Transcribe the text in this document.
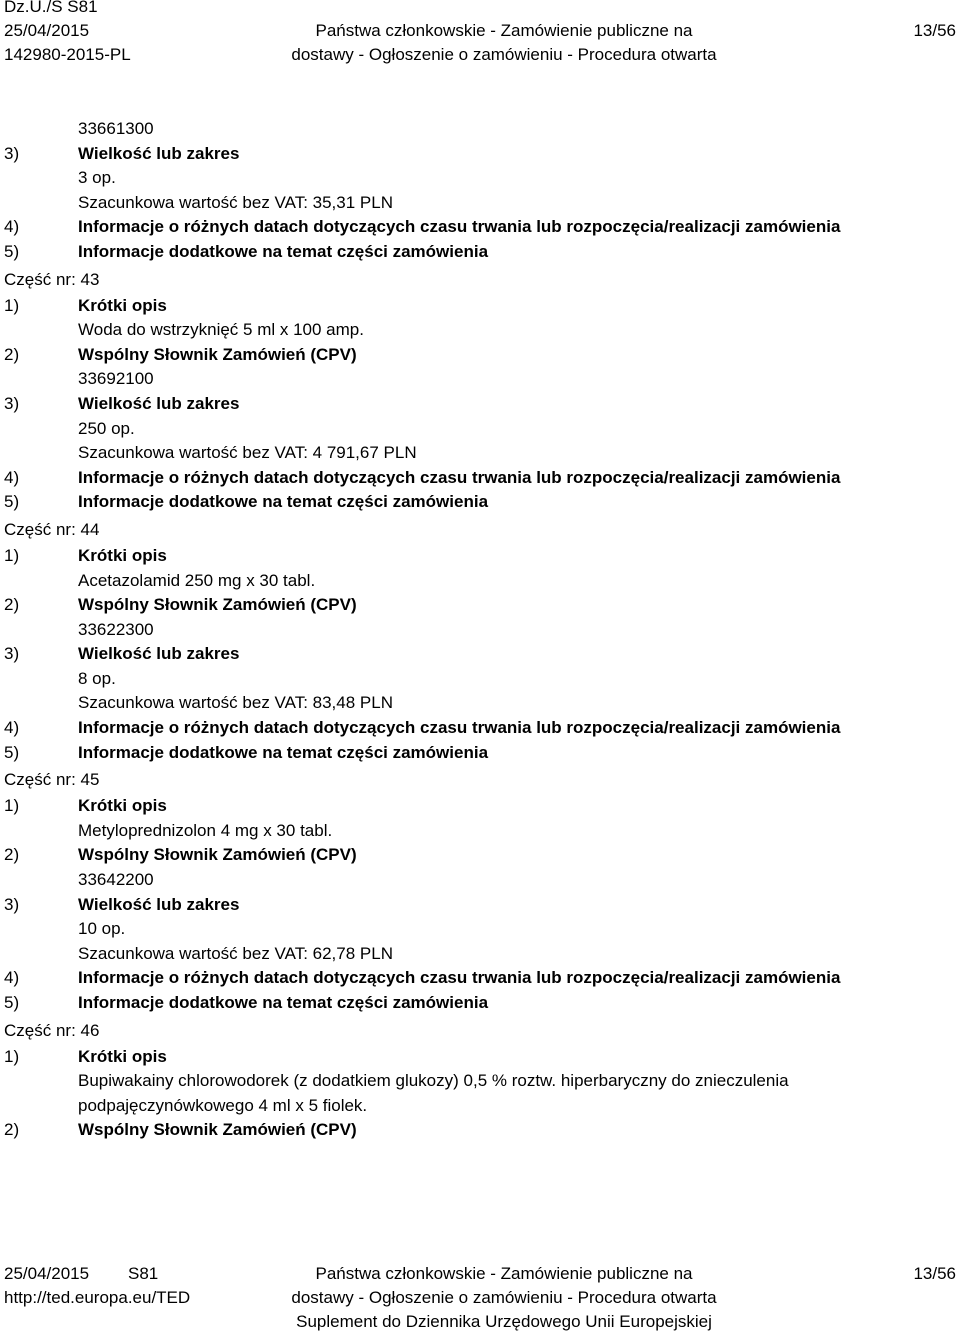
Dz.U./S S81
25/04/2015
142980-2015-PL
Państwa członkowskie - Zamówienie publiczne na
dostawy - Ogłoszenie o zamówieniu - Procedura otwarta
13/56
33661300
3)	Wielkość lub zakres
3 op.
Szacunkowa wartość bez VAT: 35,31 PLN
4)	Informacje o różnych datach dotyczących czasu trwania lub rozpoczęcia/realizacji zamówienia
5)	Informacje dodatkowe na temat części zamówienia
Część nr: 43
1)	Krótki opis
Woda do wstrzyknięć 5 ml x 100 amp.
2)	Wspólny Słownik Zamówień (CPV)
33692100
3)	Wielkość lub zakres
250 op.
Szacunkowa wartość bez VAT: 4 791,67 PLN
4)	Informacje o różnych datach dotyczących czasu trwania lub rozpoczęcia/realizacji zamówienia
5)	Informacje dodatkowe na temat części zamówienia
Część nr: 44
1)	Krótki opis
Acetazolamid 250 mg x 30 tabl.
2)	Wspólny Słownik Zamówień (CPV)
33622300
3)	Wielkość lub zakres
8 op.
Szacunkowa wartość bez VAT: 83,48 PLN
4)	Informacje o różnych datach dotyczących czasu trwania lub rozpoczęcia/realizacji zamówienia
5)	Informacje dodatkowe na temat części zamówienia
Część nr: 45
1)	Krótki opis
Metyloprednizolon 4 mg x 30 tabl.
2)	Wspólny Słownik Zamówień (CPV)
33642200
3)	Wielkość lub zakres
10 op.
Szacunkowa wartość bez VAT: 62,78 PLN
4)	Informacje o różnych datach dotyczących czasu trwania lub rozpoczęcia/realizacji zamówienia
5)	Informacje dodatkowe na temat części zamówienia
Część nr: 46
1)	Krótki opis
Bupiwakainy chlorowodorek (z dodatkiem glukozy) 0,5 % roztw. hiperbaryczny do znieczulenia
podpajęczynówkowego 4 ml x 5 fiolek.
2)	Wspólny Słownik Zamówień (CPV)
25/04/2015 S81
http://ted.europa.eu/TED
Państwa członkowskie - Zamówienie publiczne na
dostawy - Ogłoszenie o zamówieniu - Procedura otwarta
Suplement do Dziennika Urzędowego Unii Europejskiej
13/56
